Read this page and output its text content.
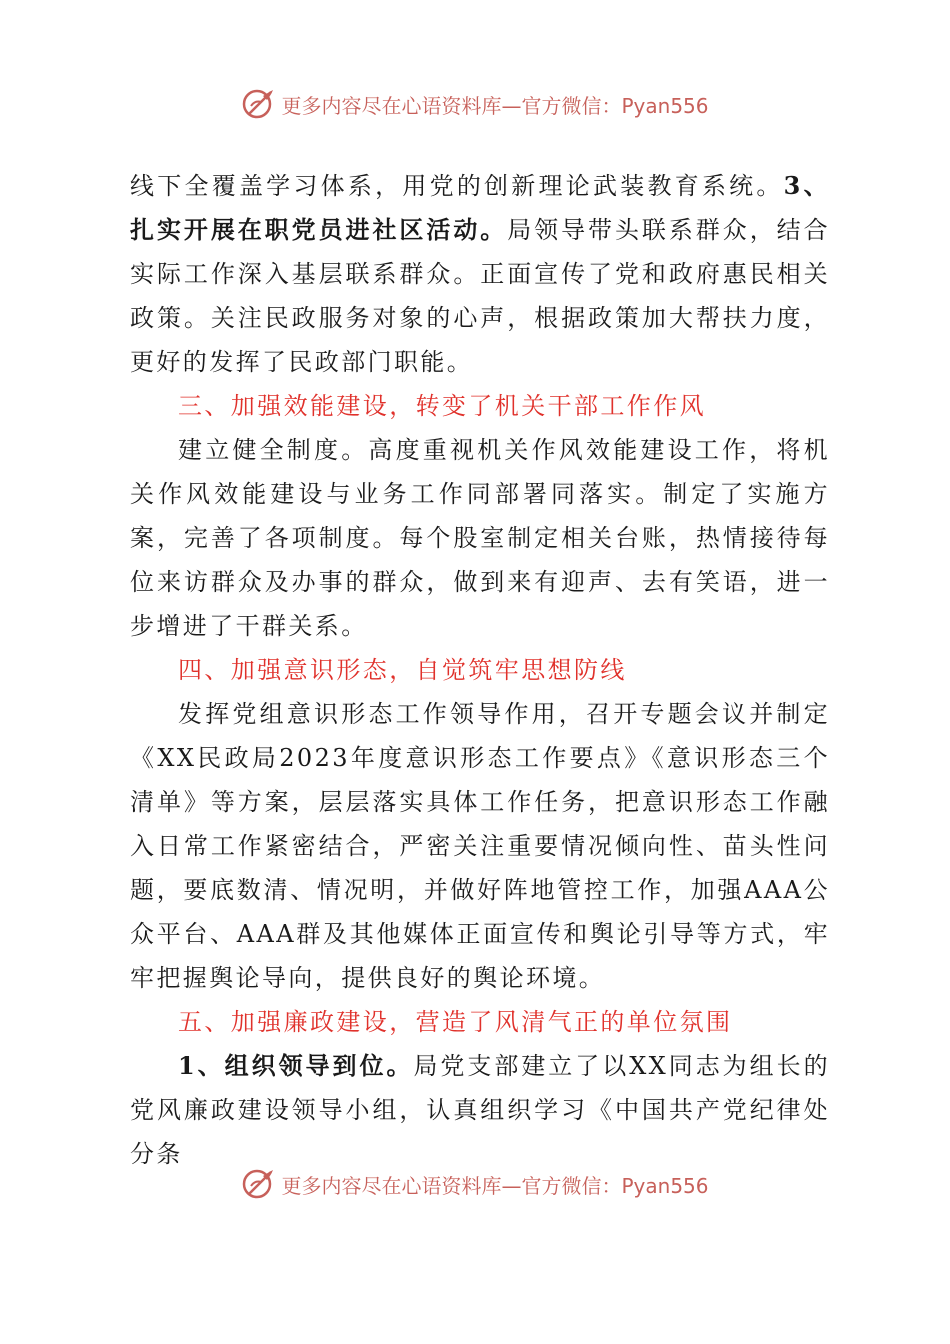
更多内容尽在心语资料库—官方微信：Pyan556

线下全覆盖学习体系，用党的创新理论武装教育系统。3、扎实开展在职党员进社区活动。局领导带头联系群众，结合实际工作深入基层联系群众。正面宣传了党和政府惠民相关政策。关注民政服务对象的心声，根据政策加大帮扶力度，更好的发挥了民政部门职能。

三、加强效能建设，转变了机关干部工作作风

建立健全制度。高度重视机关作风效能建设工作，将机关作风效能建设与业务工作同部署同落实。制定了实施方案，完善了各项制度。每个股室制定相关台账，热情接待每位来访群众及办事的群众，做到来有迎声、去有笑语，进一步增进了干群关系。

四、加强意识形态，自觉筑牢思想防线

发挥党组意识形态工作领导作用，召开专题会议并制定《XX民政局2023年度意识形态工作要点》《意识形态三个清单》等方案，层层落实具体工作任务，把意识形态工作融入日常工作紧密结合，严密关注重要情况倾向性、苗头性问题，要底数清、情况明，并做好阵地管控工作，加强AAA公众平台、AAA群及其他媒体正面宣传和舆论引导等方式，牢牢把握舆论导向，提供良好的舆论环境。

五、加强廉政建设，营造了风清气正的单位氛围

1、组织领导到位。局党支部建立了以XX同志为组长的党风廉政建设领导小组，认真组织学习《中国共产党纪律处分条

更多内容尽在心语资料库—官方微信：Pyan556
